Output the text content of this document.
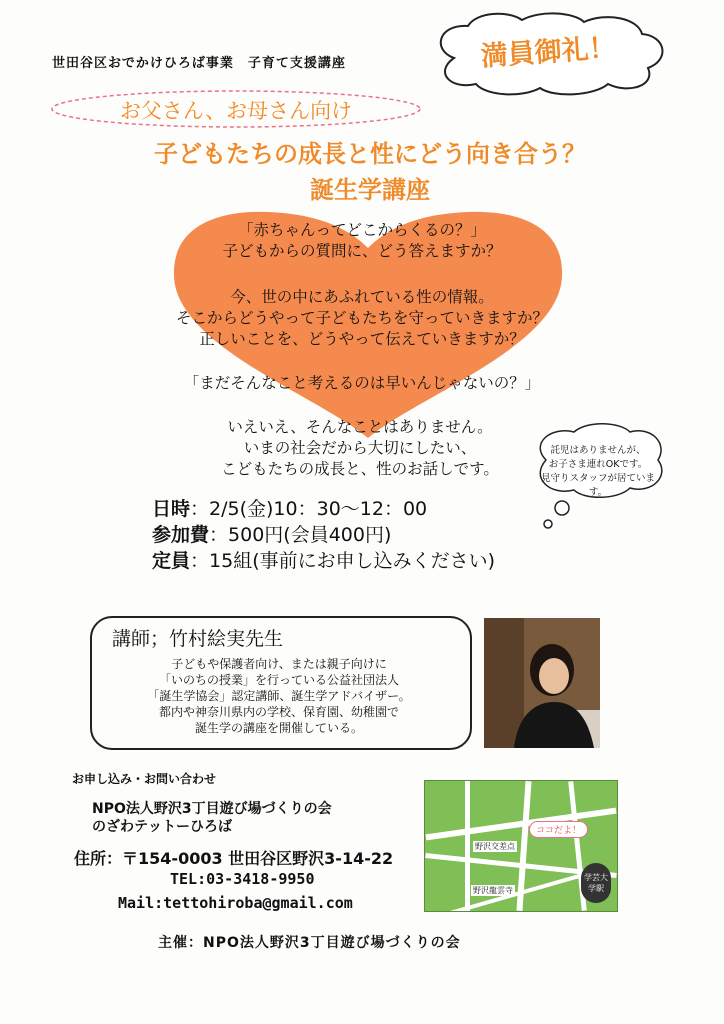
世田谷区おでかけひろば事業　子育て支援講座	満員御礼！
お父さん、お母さん向け
子どもたちの成長と性にどう向き合う？
誕生学講座
「赤ちゃんってどこからくるの？」
子どもからの質問に、どう答えますか？
今、世の中にあふれている性の情報。
そこからどうやって子どもたちを守っていきますか？
正しいことを、どうやって伝えていきますか？
「まだそんなこと考えるのは早いんじゃないの？」
いえいえ、そんなことはありません。
いまの社会だから大切にしたい、
こどもたちの成長と、性のお話しです。
託児はありませんが、
お子さま連れOKです。
見守りスタッフが居ています。
日時：2/5(金)10：30〜12：00
参加費：500円(会員400円)
定員：15組(事前にお申し込みください)
講師；竹村絵実先生
子どもや保護者向け、または親子向けに
「いのちの授業」を行っている公益社団法人
「誕生学協会」認定講師、誕生学アドバイザー。
都内や神奈川県内の学校、保育園、幼稚園で
誕生学の講座を開催している。
お申し込み・お問い合わせ
NPO法人野沢3丁目遊び場づくりの会
のざわテットーひろば
住所：〒154-0003 世田谷区野沢3-14-22
TEL:03-3418-9950
Mail:tettohiroba@gmail.com
ココだよ！
野沢交差点
野沢龍雲寺
学芸大学駅
主催：NPO法人野沢3丁目遊び場づくりの会
